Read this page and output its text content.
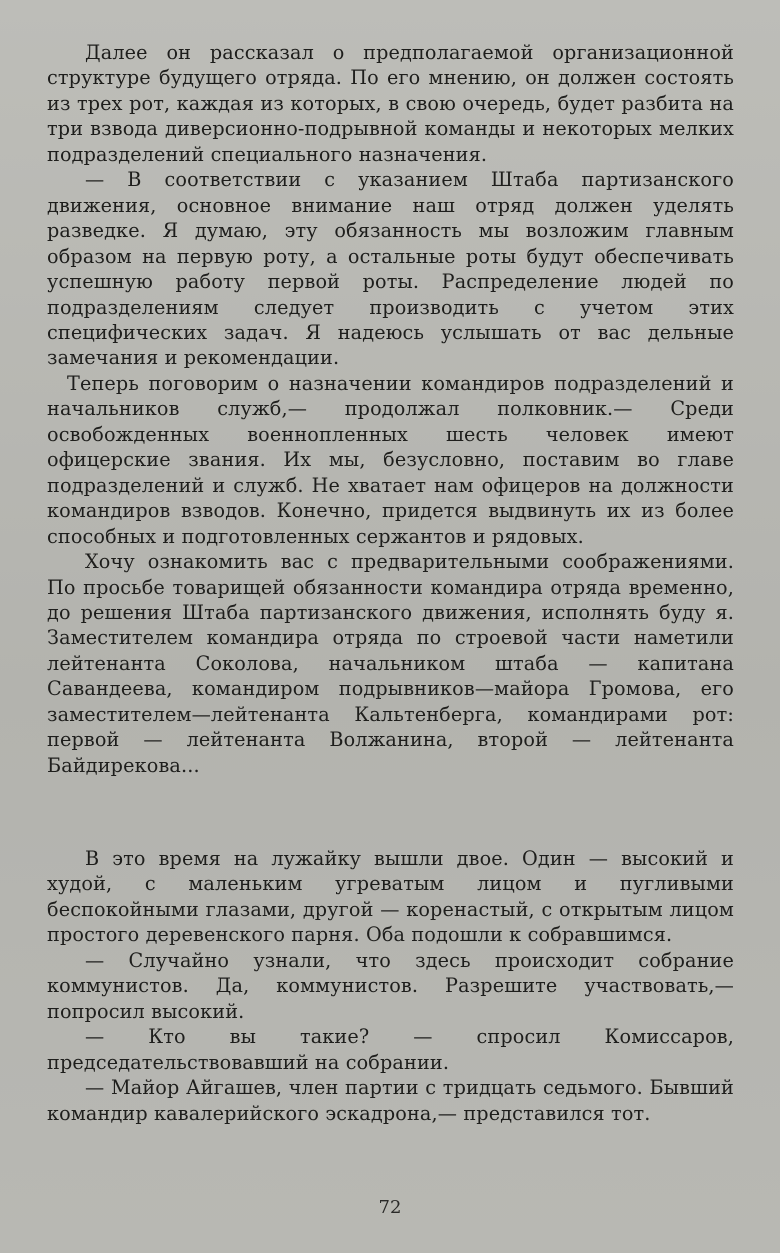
Далее он рассказал о предполагаемой организационной структуре будущего отряда. По его мнению, он должен состоять из трех рот, каждая из которых, в свою очередь, будет разбита на три взвода диверсионно-подрывной команды и некоторых мелких подразделений специального назначения.

— В соответствии с указанием Штаба партизанского движения, основное внимание наш отряд должен уделять разведке. Я думаю, эту обязанность мы возложим главным образом на первую роту, а остальные роты будут обеспечивать успешную работу первой роты. Распределение людей по подразделениям следует производить с учетом этих специфических задач. Я надеюсь услышать от вас дельные замечания и рекомендации.

Теперь поговорим о назначении командиров подразделений и начальников служб,— продолжал полковник.— Среди освобожденных военнопленных шесть человек имеют офицерские звания. Их мы, безусловно, поставим во главе подразделений и служб. Не хватает нам офицеров на должности командиров взводов. Конечно, придется выдвинуть их из более способных и подготовленных сержантов и рядовых.

Хочу ознакомить вас с предварительными соображениями. По просьбе товарищей обязанности командира отряда временно, до решения Штаба партизанского движения, исполнять буду я. Заместителем командира отряда по строевой части наметили лейтенанта Соколова, начальником штаба — капитана Савандеева, командиром подрывников—майора Громова, его заместителем—лейтенанта Кальтенберга, командирами рот: первой — лейтенанта Волжанина, второй — лейтенанта Байдирекова...

В это время на лужайку вышли двое. Один — высокий и худой, с маленьким угреватым лицом и пугливыми беспокойными глазами, другой — коренастый, с открытым лицом простого деревенского парня. Оба подошли к собравшимся.

— Случайно узнали, что здесь происходит собрание коммунистов. Да, коммунистов. Разрешите участвовать,— попросил высокий.

— Кто вы такие? — спросил Комиссаров, председательствовавший на собрании.

— Майор Айгашев, член партии с тридцать седьмого. Бывший командир кавалерийского эскадрона,— представился тот.

72
